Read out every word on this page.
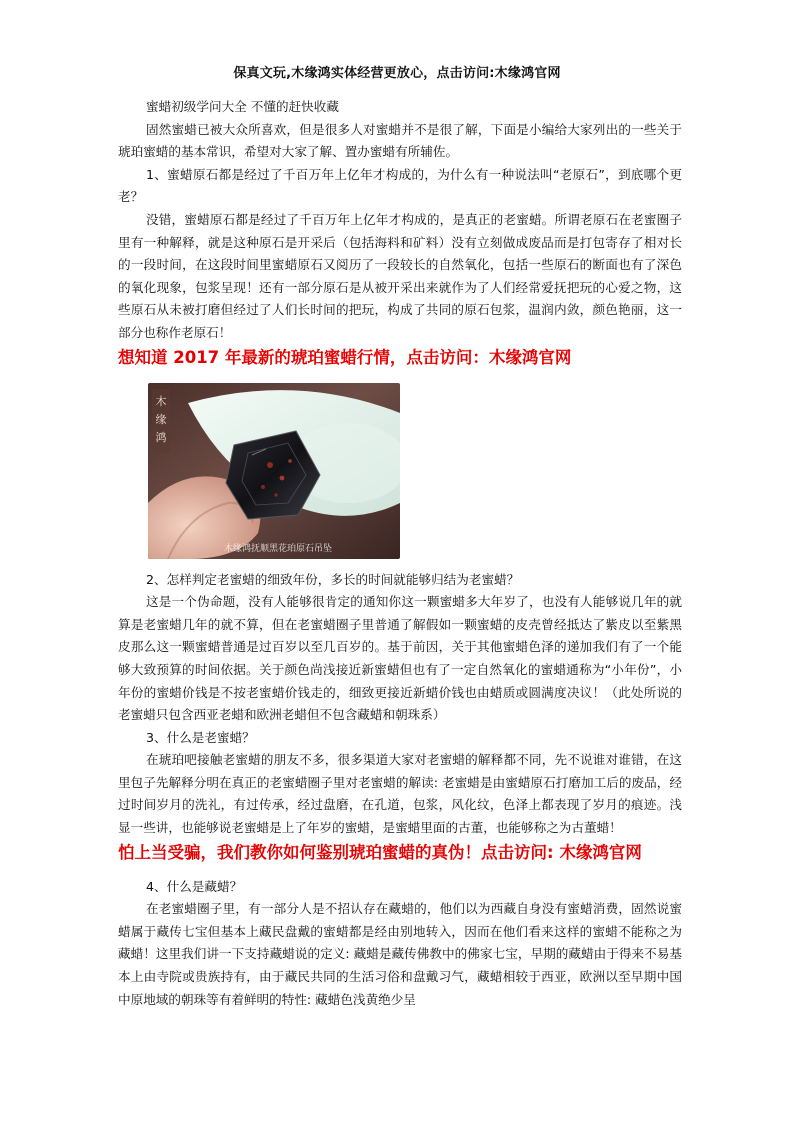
保真文玩,木缘鸿实体经营更放心，点击访问:木缘鸿官网

蜜蜡初级学问大全 不懂的赶快收藏

固然蜜蜡已被大众所喜欢，但是很多人对蜜蜡并不是很了解，下面是小编给大家列出的一些关于琥珀蜜蜡的基本常识，希望对大家了解、置办蜜蜡有所辅佐。

1、蜜蜡原石都是经过了千百万年上亿年才构成的，为什么有一种说法叫“老原石”，到底哪个更老？

没错，蜜蜡原石都是经过了千百万年上亿年才构成的，是真正的老蜜蜡。所谓老原石在老蜜圈子里有一种解释，就是这种原石是开采后（包括海料和矿料）没有立刻做成废品而是打包寄存了相对长的一段时间，在这段时间里蜜蜡原石又阅历了一段较长的自然氧化，包括一些原石的断面也有了深色的氧化现象，包浆呈现！还有一部分原石是从被开采出来就作为了人们经常爱抚把玩的心爱之物，这些原石从未被打磨但经过了人们长时间的把玩，构成了共同的原石包浆，温润内敛，颜色艳丽，这一部分也称作老原石！

想知道 2017 年最新的琥珀蜜蜡行情，点击访问：木缘鸿官网

木
缘
鸿
木缘鸿抚顺黑花珀原石吊坠

2、怎样判定老蜜蜡的细致年份，多长的时间就能够归结为老蜜蜡？

这是一个伪命题，没有人能够很肯定的通知你这一颗蜜蜡多大年岁了，也没有人能够说几年的就算是老蜜蜡几年的就不算，但在老蜜蜡圈子里普通了解假如一颗蜜蜡的皮壳曾经抵达了紫皮以至紫黑皮那么这一颗蜜蜡普通是过百岁以至几百岁的。基于前因，关于其他蜜蜡色泽的递加我们有了一个能够大致预算的时间依据。关于颜色尚浅接近新蜜蜡但也有了一定自然氧化的蜜蜡通称为“小年份”，小年份的蜜蜡价钱是不按老蜜蜡价钱走的，细致更接近新蜡价钱也由蜡质或圆满度决议！（此处所说的老蜜蜡只包含西亚老蜡和欧洲老蜡但不包含藏蜡和朝珠系）

3、什么是老蜜蜡？

在琥珀吧接触老蜜蜡的朋友不多，很多渠道大家对老蜜蜡的解释都不同，先不说谁对谁错，在这里包子先解释分明在真正的老蜜蜡圈子里对老蜜蜡的解读: 老蜜蜡是由蜜蜡原石打磨加工后的废品，经过时间岁月的洗礼，有过传承，经过盘磨，在孔道，包浆，风化纹，色泽上都表现了岁月的痕迹。浅显一些讲，也能够说老蜜蜡是上了年岁的蜜蜡，是蜜蜡里面的古董，也能够称之为古董蜡！

怕上当受骗，我们教你如何鉴别琥珀蜜蜡的真伪！点击访问: 木缘鸿官网

4、什么是藏蜡？

在老蜜蜡圈子里，有一部分人是不招认存在藏蜡的，他们以为西藏自身没有蜜蜡消费，固然说蜜蜡属于藏传七宝但基本上藏民盘戴的蜜蜡都是经由别地转入，因而在他们看来这样的蜜蜡不能称之为藏蜡！这里我们讲一下支持藏蜡说的定义: 藏蜡是藏传佛教中的佛家七宝，早期的藏蜡由于得来不易基本上由寺院或贵族持有，由于藏民共同的生活习俗和盘戴习气，藏蜡相较于西亚，欧洲以至早期中国中原地域的朝珠等有着鲜明的特性: 藏蜡色浅黄绝少呈
